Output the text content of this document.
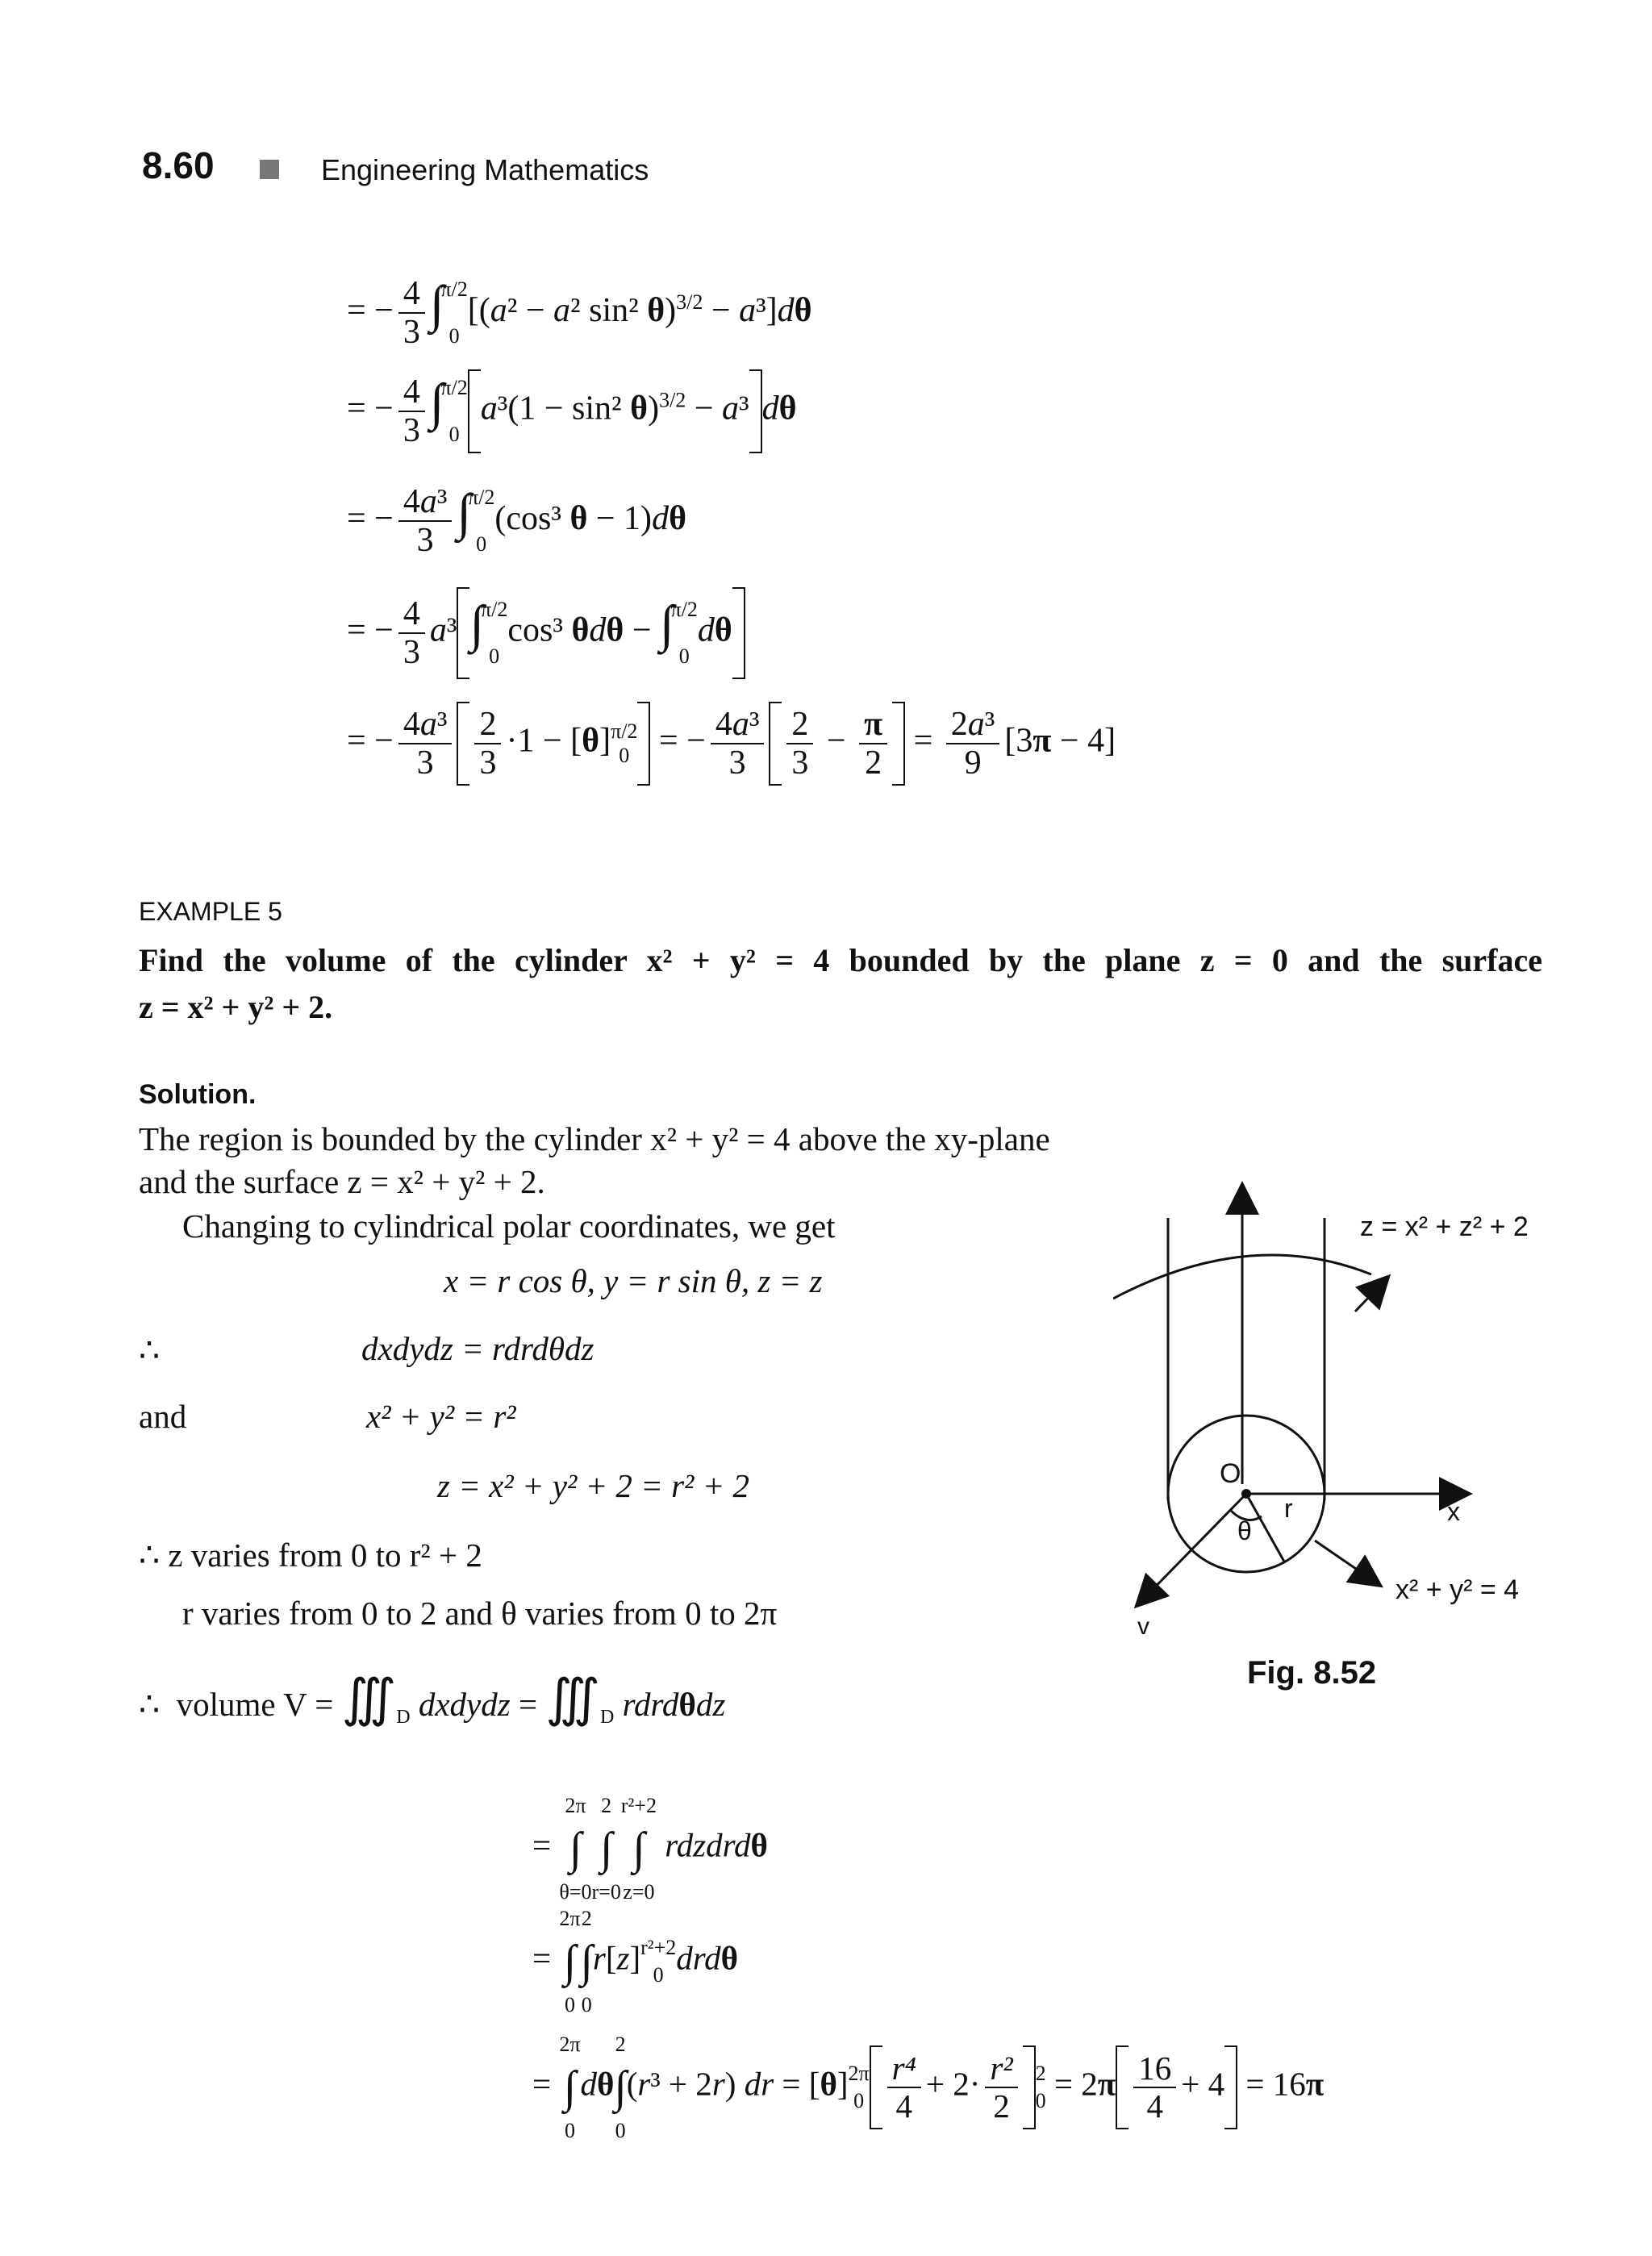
8.60	Engineering Mathematics
= − $\frac{4}{3}$ ∫
π/2
0
[(a² − a² sin² θ)$^{3/2}$ − a³]dθ
= − $\frac{4}{3}$ ∫
π/2
0
a³(1 − sin² θ)$^{3/2}$ − a³ dθ
= − $\frac{\text{4a³}}{3}$ ∫
π/2
0
(cos³ θ − 1)dθ
= − $\frac{4}{3} a^3$ ∫
π/2
0
cos³ θdθ − ∫
π/2
0
dθ
= − $\frac{\text{4a³}}{3} \frac{2}{3} \cdot 1 - [\theta]$ π/2
0 = − $\frac{\text{4a³}}{3} \frac{2}{3} - \frac{\pi}{2} = \frac{\text{2a³}}{9} [3\pi - 4]$
EXAMPLE 5
Find the volume of the cylinder x² + y² = 4 bounded by the plane z = 0 and the surface
z = x² + y² + 2.
Solution.
The region is bounded by the cylinder x² + y² = 4 above the xy-plane
and the surface z = x² + y² + 2.
Changing to cylindrical polar coordinates, we get
x = r cos θ, y = r sin θ, z = z
∴	dxdydz = rdrdθdz
and	x² + y² = r²
z = x² + y² + 2 = r² + 2
∴ z varies from 0 to r² + 2
r varies from 0 to 2 and θ varies from 0 to 2π
∴  volume $V = ∭_D$ dxdydz = $∭_D$ rdrdθdz
=
2π
∫
θ=0
2
∫
r=0
r²+2
∫
z=0
rdzdrdθ
=
2π
∫
0
2
∫
0
r[z] r²+2
0 drdθ
=
2π
∫
0
dθ
2
∫
0
(r³ + 2r) dr = [θ] 2π
$0 \frac{\text{r⁴}}{4} + 2\cdot \frac{\text{r²}}{2} 2$
$0 = 2\pi \frac{16}{4} + 4 = 16\pi$
z = x² + z² + 2
O
r
θ
x
v
x² + y² = 4
Fig. 8.52
